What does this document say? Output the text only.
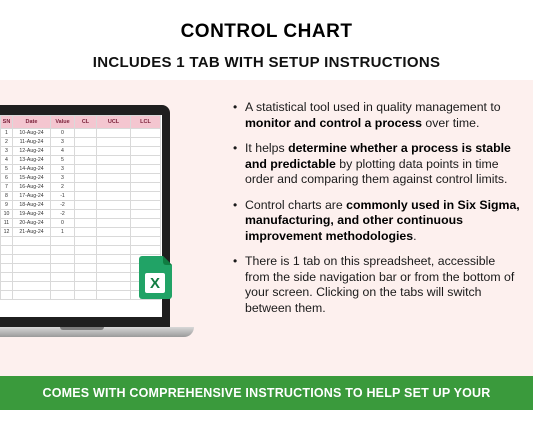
CONTROL CHART
INCLUDES 1 TAB WITH SETUP INSTRUCTIONS
SN	Date	Value	CL	UCL	LCL
1	10-Aug-24	0			
2	11-Aug-24	3			
3	12-Aug-24	4			
4	13-Aug-24	5			
5	14-Aug-24	3			
6	15-Aug-24	3			
7	16-Aug-24	2			
8	17-Aug-24	-1			
9	18-Aug-24	-2			
10	19-Aug-24	-2			
11	20-Aug-24	0			
12	21-Aug-24	1			

X
• A statistical tool used in quality management to monitor and control a process over time.
• It helps determine whether a process is stable and predictable by plotting data points in time order and comparing them against control limits.
• Control charts are commonly used in Six Sigma, manufacturing, and other continuous improvement methodologies.
• There is 1 tab on this spreadsheet, accessible from the side navigation bar or from the bottom of your screen. Clicking on the tabs will switch between them.
COMES WITH COMPREHENSIVE INSTRUCTIONS TO HELP SET UP YOUR SPREADSHEET
